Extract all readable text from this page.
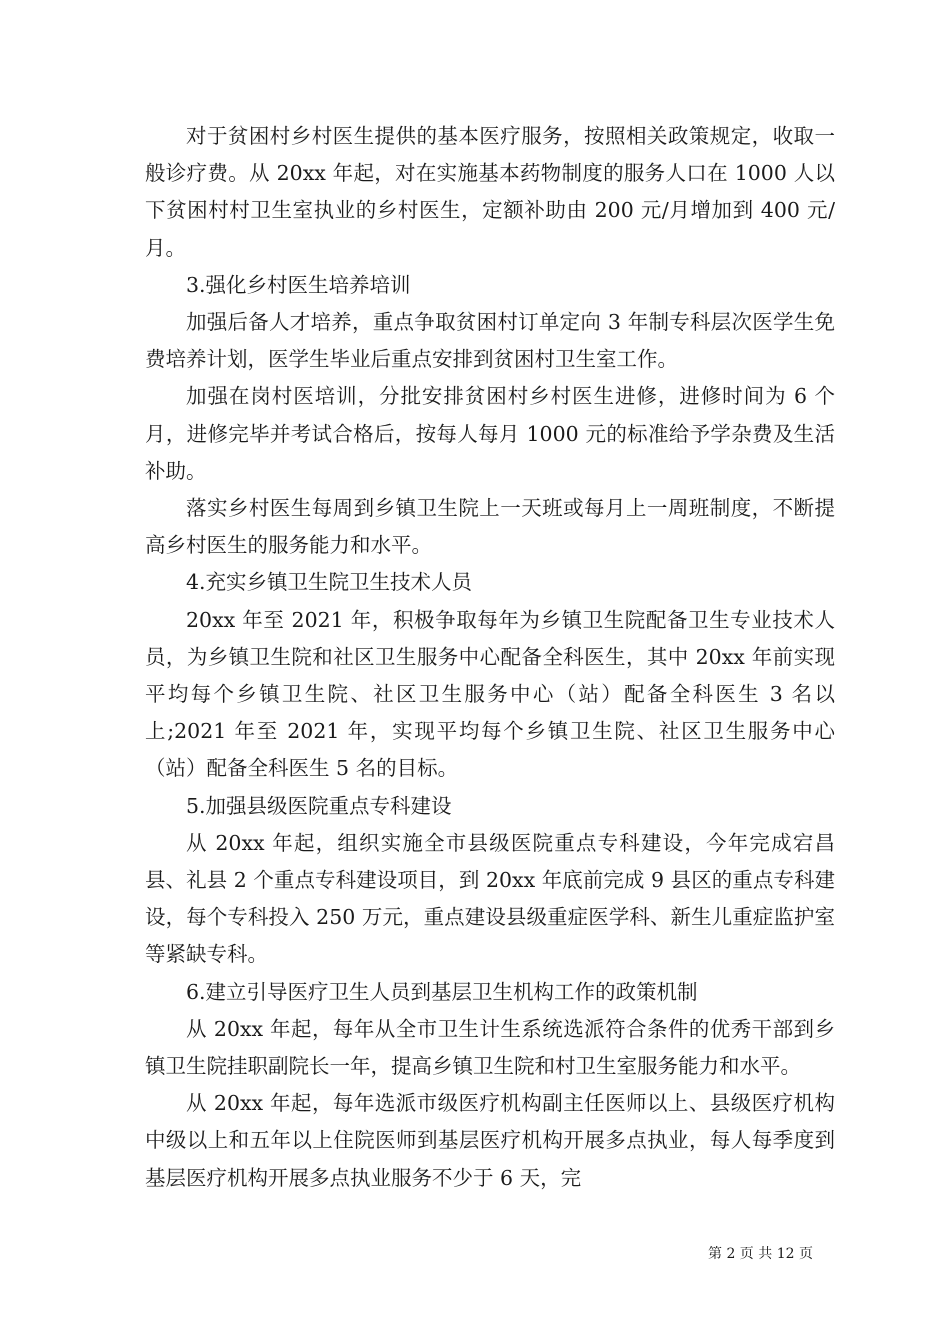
对于贫困村乡村医生提供的基本医疗服务，按照相关政策规定，收取一般诊疗费。从 20xx 年起，对在实施基本药物制度的服务人口在 1000 人以下贫困村村卫生室执业的乡村医生，定额补助由 200 元/月增加到 400 元/月。

3.强化乡村医生培养培训

加强后备人才培养，重点争取贫困村订单定向 3 年制专科层次医学生免费培养计划，医学生毕业后重点安排到贫困村卫生室工作。

加强在岗村医培训，分批安排贫困村乡村医生进修，进修时间为 6 个月，进修完毕并考试合格后，按每人每月 1000 元的标准给予学杂费及生活补助。

落实乡村医生每周到乡镇卫生院上一天班或每月上一周班制度，不断提高乡村医生的服务能力和水平。

4.充实乡镇卫生院卫生技术人员

20xx 年至 2021 年，积极争取每年为乡镇卫生院配备卫生专业技术人员，为乡镇卫生院和社区卫生服务中心配备全科医生，其中 20xx 年前实现平均每个乡镇卫生院、社区卫生服务中心（站）配备全科医生 3 名以上;2021 年至 2021 年，实现平均每个乡镇卫生院、社区卫生服务中心（站）配备全科医生 5 名的目标。

5.加强县级医院重点专科建设

从 20xx 年起，组织实施全市县级医院重点专科建设，今年完成宕昌县、礼县 2 个重点专科建设项目，到 20xx 年底前完成 9 县区的重点专科建设，每个专科投入 250 万元，重点建设县级重症医学科、新生儿重症监护室等紧缺专科。

6.建立引导医疗卫生人员到基层卫生机构工作的政策机制

从 20xx 年起，每年从全市卫生计生系统选派符合条件的优秀干部到乡镇卫生院挂职副院长一年，提高乡镇卫生院和村卫生室服务能力和水平。

从 20xx 年起，每年选派市级医疗机构副主任医师以上、县级医疗机构中级以上和五年以上住院医师到基层医疗机构开展多点执业，每人每季度到基层医疗机构开展多点执业服务不少于 6 天，完

第 2 页 共 12 页
